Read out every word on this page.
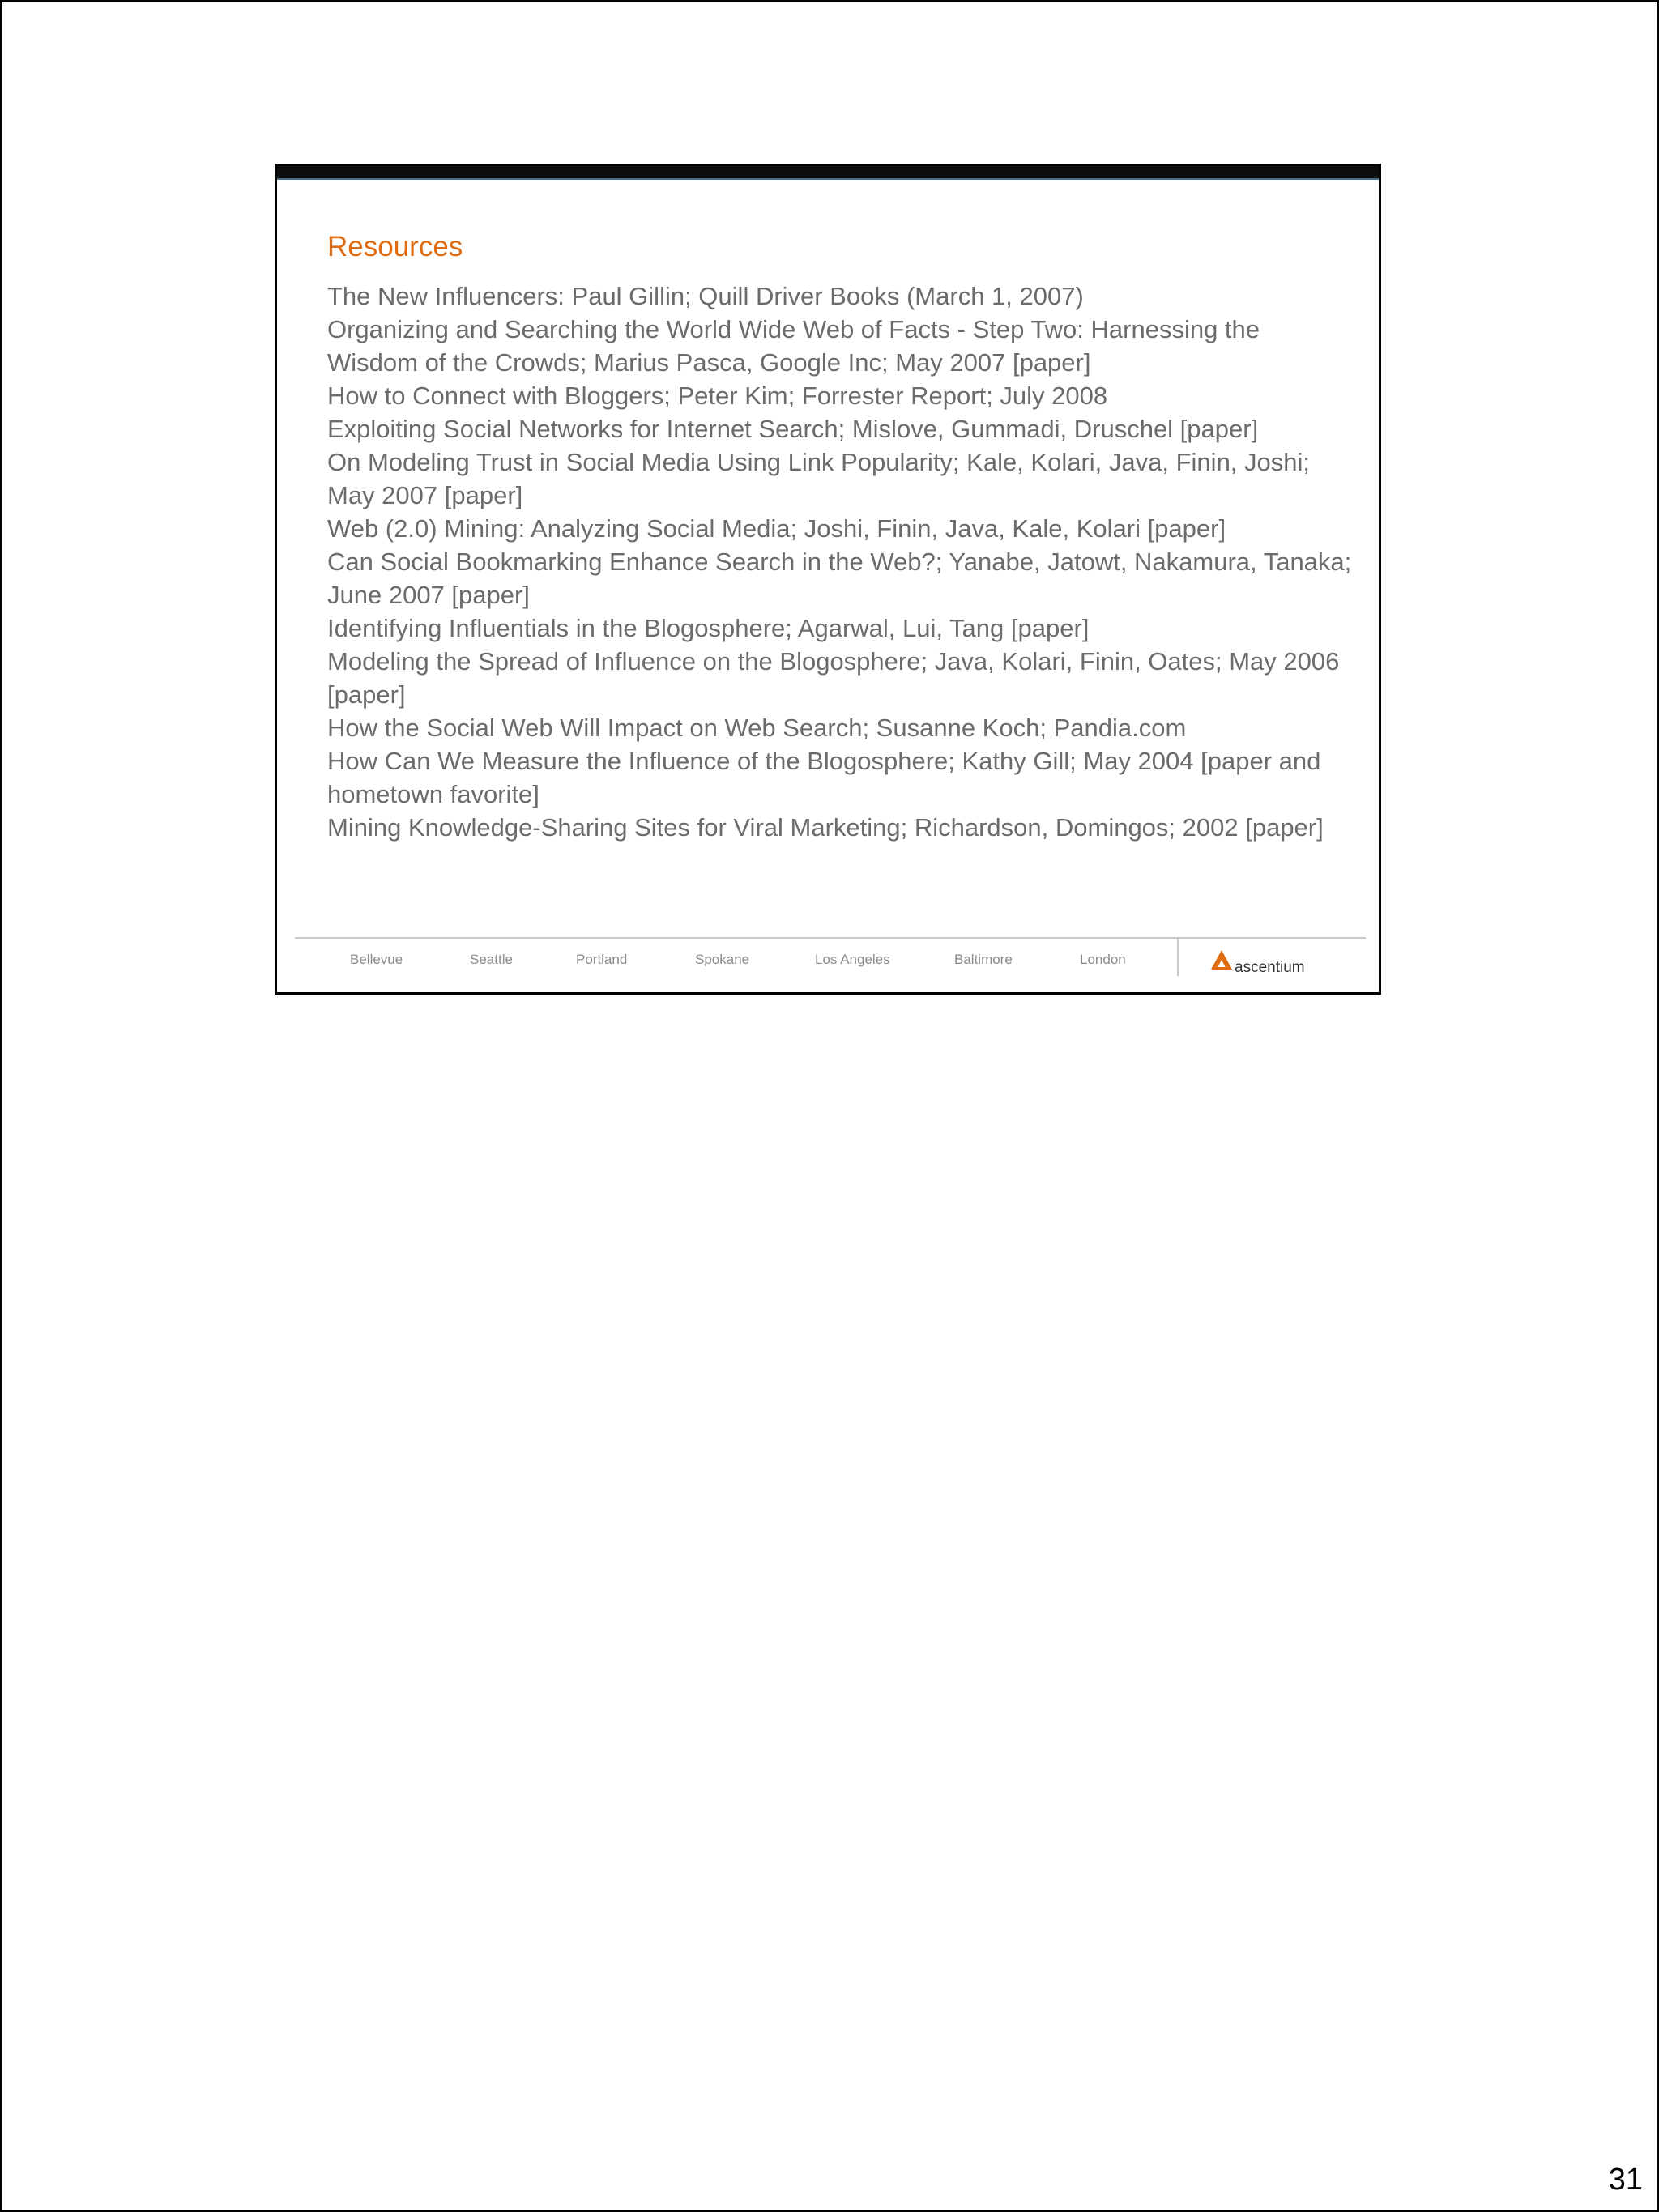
Resources
The New Influencers: Paul Gillin; Quill Driver Books (March 1, 2007)
Organizing and Searching the World Wide Web of Facts - Step Two: Harnessing the Wisdom of the Crowds; Marius Pasca, Google Inc; May 2007 [paper]
How to Connect with Bloggers; Peter Kim; Forrester Report; July 2008
Exploiting Social Networks for Internet Search; Mislove, Gummadi, Druschel [paper]
On Modeling Trust in Social Media Using Link Popularity; Kale, Kolari, Java, Finin, Joshi; May 2007 [paper]
Web (2.0) Mining: Analyzing Social Media; Joshi, Finin, Java, Kale, Kolari [paper]
Can Social Bookmarking Enhance Search in the Web?; Yanabe, Jatowt, Nakamura, Tanaka; June 2007 [paper]
Identifying Influentials in the Blogosphere; Agarwal, Lui, Tang [paper]
Modeling the Spread of Influence on the Blogosphere; Java, Kolari, Finin, Oates; May 2006 [paper]
How the Social Web Will Impact on Web Search; Susanne Koch; Pandia.com
How Can We Measure the Influence of the Blogosphere; Kathy Gill; May 2004 [paper and hometown favorite]
Mining Knowledge-Sharing Sites for Viral Marketing; Richardson, Domingos; 2002 [paper]
Bellevue	Seattle	Portland	Spokane	Los Angeles	Baltimore	London	ascentium
31
